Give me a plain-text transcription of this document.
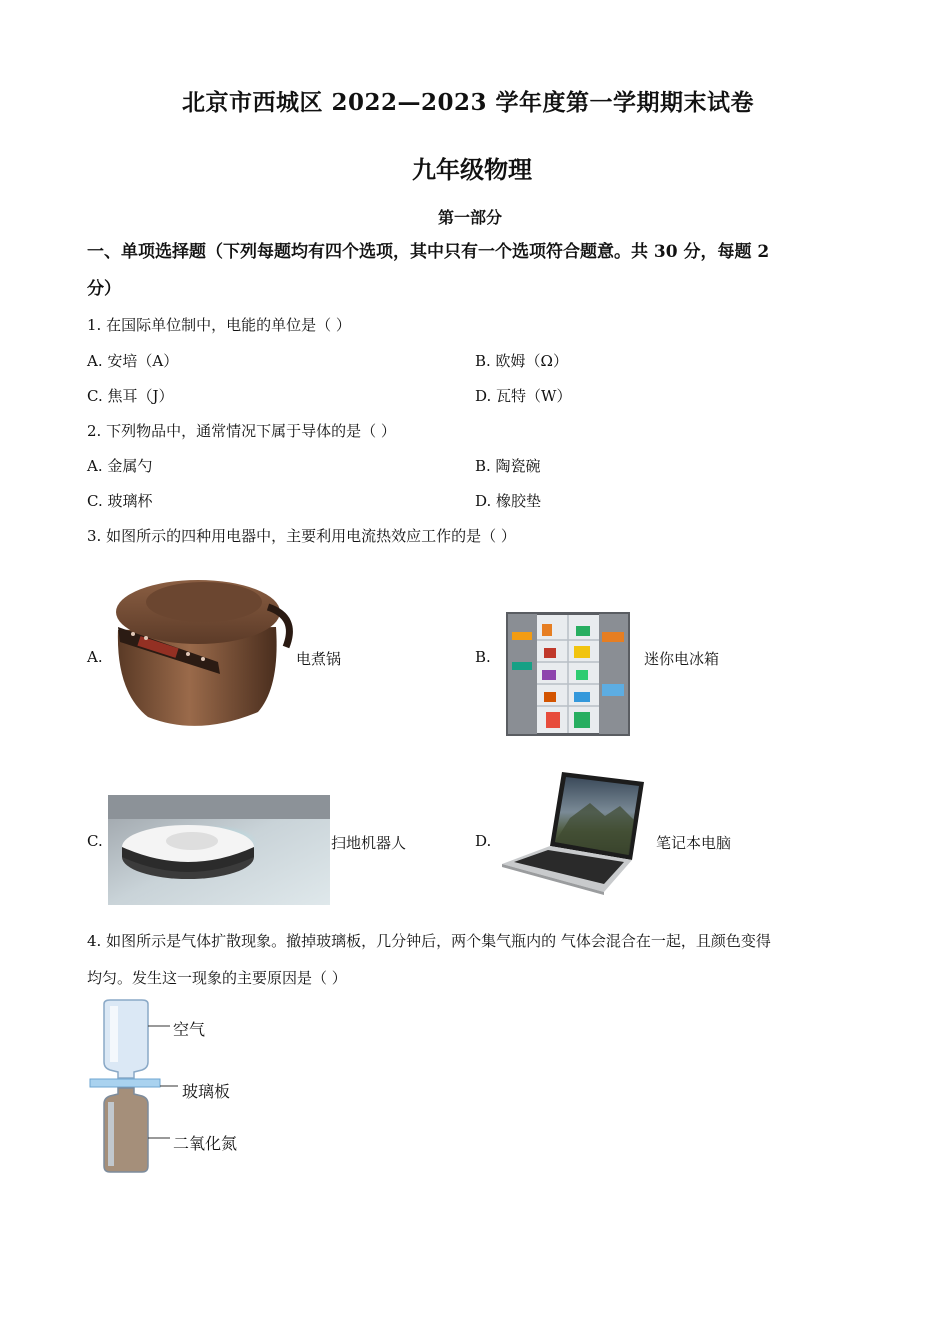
北京市西城区 2022—2023 学年度第一学期期末试卷
九年级物理
第一部分
一、单项选择题（下列每题均有四个选项，其中只有一个选项符合题意。共 30 分，每题 2
分）
1. 在国际单位制中，电能的单位是（ ）
A. 安培（A）	B. 欧姆（Ω）
C. 焦耳（J）	D. 瓦特（W）
2. 下列物品中，通常情况下属于导体的是（ ）
A. 金属勺	B. 陶瓷碗
C. 玻璃杯	D. 橡胶垫
3. 如图所示的四种用电器中，主要利用电流热效应工作的是（ ）
A.	电煮锅	B.	迷你电冰箱
C.	扫地机器人	D.	笔记本电脑
4. 如图所示是气体扩散现象。撤掉玻璃板，几分钟后，两个集气瓶内的 气体会混合在一起，且颜色变得
均匀。发生这一现象的主要原因是（ ）
空气
玻璃板
二氧化氮
